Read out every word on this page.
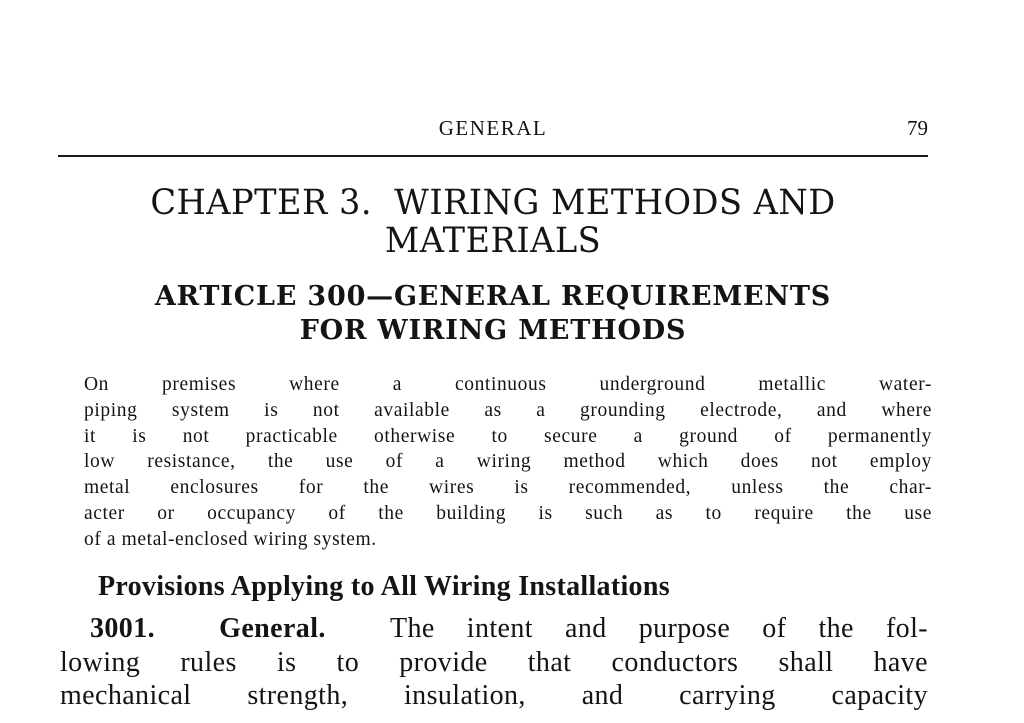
GENERAL	79
CHAPTER 3.  WIRING METHODS AND
MATERIALS
ARTICLE 300—GENERAL REQUIREMENTS
FOR WIRING METHODS
On premises where a continuous underground metallic water-
piping system is not available as a grounding electrode, and where
it is not practicable otherwise to secure a ground of permanently
low resistance, the use of a wiring method which does not employ
metal enclosures for the wires is recommended, unless the char-
acter or occupancy of the building is such as to require the use
of a metal-enclosed wiring system.
Provisions Applying to All Wiring Installations
3001. General. The intent and purpose of the fol-
lowing rules is to provide that conductors shall have
mechanical strength, insulation, and carrying capacity
